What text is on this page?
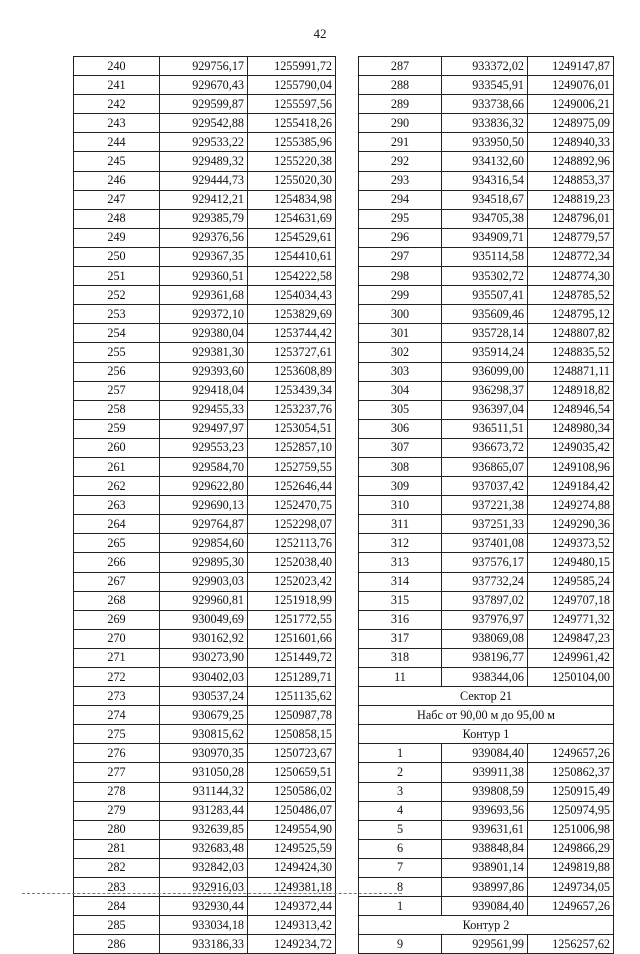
42
240	929756,17	1255991,72
241	929670,43	1255790,04
242	929599,87	1255597,56
243	929542,88	1255418,26
244	929533,22	1255385,96
245	929489,32	1255220,38
246	929444,73	1255020,30
247	929412,21	1254834,98
248	929385,79	1254631,69
249	929376,56	1254529,61
250	929367,35	1254410,61
251	929360,51	1254222,58
252	929361,68	1254034,43
253	929372,10	1253829,69
254	929380,04	1253744,42
255	929381,30	1253727,61
256	929393,60	1253608,89
257	929418,04	1253439,34
258	929455,33	1253237,76
259	929497,97	1253054,51
260	929553,23	1252857,10
261	929584,70	1252759,55
262	929622,80	1252646,44
263	929690,13	1252470,75
264	929764,87	1252298,07
265	929854,60	1252113,76
266	929895,30	1252038,40
267	929903,03	1252023,42
268	929960,81	1251918,99
269	930049,69	1251772,55
270	930162,92	1251601,66
271	930273,90	1251449,72
272	930402,03	1251289,71
273	930537,24	1251135,62
274	930679,25	1250987,78
275	930815,62	1250858,15
276	930970,35	1250723,67
277	931050,28	1250659,51
278	931144,32	1250586,02
279	931283,44	1250486,07
280	932639,85	1249554,90
281	932683,48	1249525,59
282	932842,03	1249424,30
283	932916,03	1249381,18
284	932930,44	1249372,44
285	933034,18	1249313,42
286	933186,33	1249234,72
287	933372,02	1249147,87
288	933545,91	1249076,01
289	933738,66	1249006,21
290	933836,32	1248975,09
291	933950,50	1248940,33
292	934132,60	1248892,96
293	934316,54	1248853,37
294	934518,67	1248819,23
295	934705,38	1248796,01
296	934909,71	1248779,57
297	935114,58	1248772,34
298	935302,72	1248774,30
299	935507,41	1248785,52
300	935609,46	1248795,12
301	935728,14	1248807,82
302	935914,24	1248835,52
303	936099,00	1248871,11
304	936298,37	1248918,82
305	936397,04	1248946,54
306	936511,51	1248980,34
307	936673,72	1249035,42
308	936865,07	1249108,96
309	937037,42	1249184,42
310	937221,38	1249274,88
311	937251,33	1249290,36
312	937401,08	1249373,52
313	937576,17	1249480,15
314	937732,24	1249585,24
315	937897,02	1249707,18
316	937976,97	1249771,32
317	938069,08	1249847,23
318	938196,77	1249961,42
11	938344,06	1250104,00
Сектор 21		
Набс от 90,00 м до 95,00 м		
Контур 1		
1	939084,40	1249657,26
2	939911,38	1250862,37
3	939808,59	1250915,49
4	939693,56	1250974,95
5	939631,61	1251006,98
6	938848,84	1249866,29
7	938901,14	1249819,88
8	938997,86	1249734,05
1	939084,40	1249657,26
Контур 2		
9	929561,99	1256257,62
